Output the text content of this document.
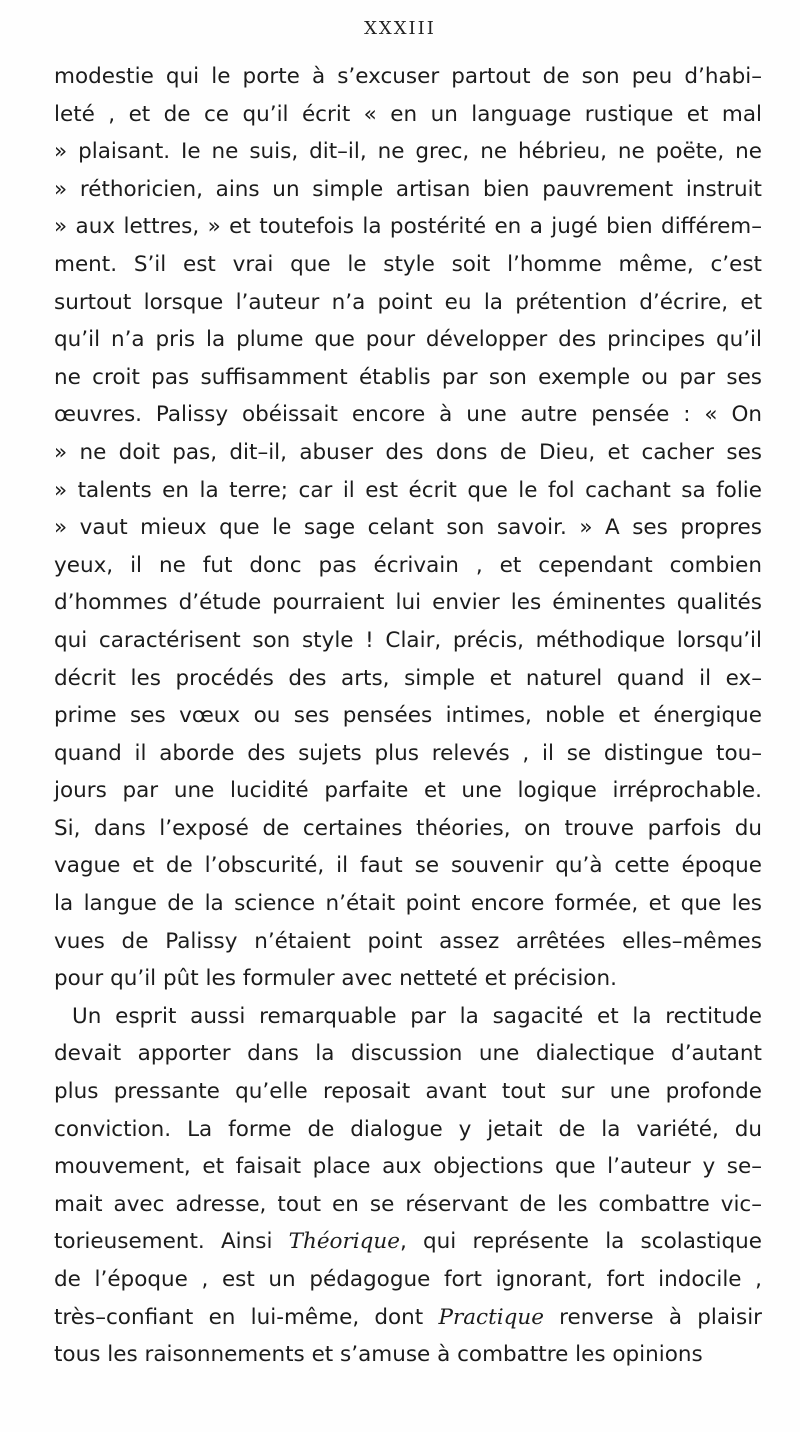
XXXIII
modestie qui le porte à s’excuser partout de son peu d’habi–
leté , et de ce qu’il écrit « en un language rustique et mal
» plaisant. Ie ne suis, dit–il, ne grec, ne hébrieu, ne poëte, ne
» réthoricien, ains un simple artisan bien pauvrement instruit
» aux lettres, » et toutefois la postérité en a jugé bien différem–
ment. S’il est vrai que le style soit l’homme même, c’est
surtout lorsque l’auteur n’a point eu la prétention d’écrire, et
qu’il n’a pris la plume que pour développer des principes qu’il
ne croit pas suffisamment établis par son exemple ou par ses
œuvres. Palissy obéissait encore à une autre pensée : « On
» ne doit pas, dit–il, abuser des dons de Dieu, et cacher ses
» talents en la terre; car il est écrit que le fol cachant sa folie
» vaut mieux que le sage celant son savoir. » A ses propres
yeux, il ne fut donc pas écrivain , et cependant combien
d’hommes d’étude pourraient lui envier les éminentes qualités
qui caractérisent son style ! Clair, précis, méthodique lorsqu’il
décrit les procédés des arts, simple et naturel quand il ex–
prime ses vœux ou ses pensées intimes, noble et énergique
quand il aborde des sujets plus relevés , il se distingue tou–
jours par une lucidité parfaite et une logique irréprochable.
Si, dans l’exposé de certaines théories, on trouve parfois du
vague et de l’obscurité, il faut se souvenir qu’à cette époque
la langue de la science n’était point encore formée, et que les
vues de Palissy n’étaient point assez arrêtées elles–mêmes
pour qu’il pût les formuler avec netteté et précision.
Un esprit aussi remarquable par la sagacité et la rectitude
devait apporter dans la discussion une dialectique d’autant
plus pressante qu’elle reposait avant tout sur une profonde
conviction. La forme de dialogue y jetait de la variété, du
mouvement, et faisait place aux objections que l’auteur y se–
mait avec adresse, tout en se réservant de les combattre vic–
torieusement. Ainsi Théorique, qui représente la scolastique
de l’époque , est un pédagogue fort ignorant, fort indocile ,
très–confiant en lui-même, dont Practique renverse à plaisir
tous les raisonnements et s’amuse à combattre les opinions
